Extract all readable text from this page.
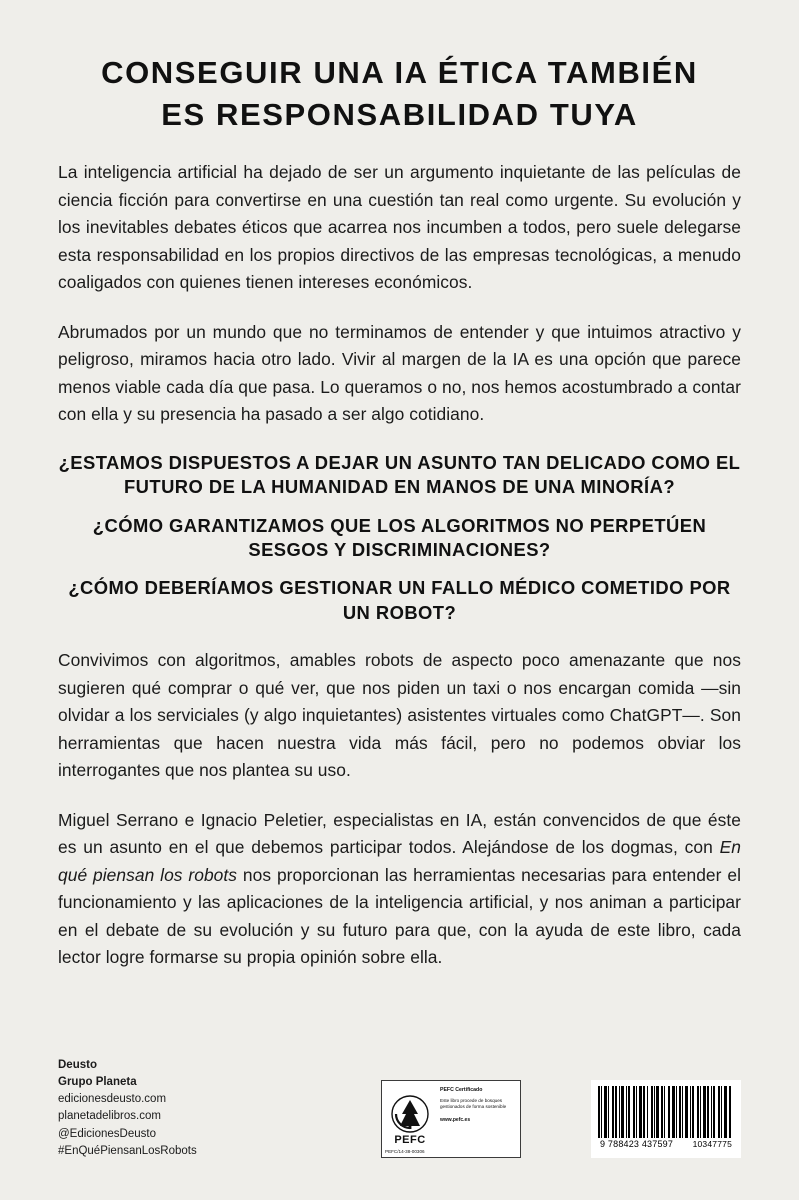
CONSEGUIR UNA IA ÉTICA TAMBIÉN
ES RESPONSABILIDAD TUYA

La inteligencia artificial ha dejado de ser un argumento inquietante de las películas de ciencia ficción para convertirse en una cuestión tan real como urgente. Su evolución y los inevitables debates éticos que acarrea nos incumben a todos, pero suele delegarse esta responsabilidad en los propios directivos de las empresas tecnológicas, a menudo coaligados con quienes tienen intereses económicos.

Abrumados por un mundo que no terminamos de entender y que intuimos atractivo y peligroso, miramos hacia otro lado. Vivir al margen de la IA es una opción que parece menos viable cada día que pasa. Lo queramos o no, nos hemos acostumbrado a contar con ella y su presencia ha pasado a ser algo cotidiano.

¿ESTAMOS DISPUESTOS A DEJAR UN ASUNTO TAN DELICADO COMO EL FUTURO DE LA HUMANIDAD EN MANOS DE UNA MINORÍA?

¿CÓMO GARANTIZAMOS QUE LOS ALGORITMOS NO PERPETÚEN SESGOS Y DISCRIMINACIONES?

¿CÓMO DEBERÍAMOS GESTIONAR UN FALLO MÉDICO COMETIDO POR UN ROBOT?

Convivimos con algoritmos, amables robots de aspecto poco amenazante que nos sugieren qué comprar o qué ver, que nos piden un taxi o nos encargan comida —sin olvidar a los serviciales (y algo inquietantes) asistentes virtuales como ChatGPT—. Son herramientas que hacen nuestra vida más fácil, pero no podemos obviar los interrogantes que nos plantea su uso.

Miguel Serrano e Ignacio Peletier, especialistas en IA, están convencidos de que éste es un asunto en el que debemos participar todos. Alejándose de los dogmas, con En qué piensan los robots nos proporcionan las herramientas necesarias para entender el funcionamiento y las aplicaciones de la inteligencia artificial, y nos animan a participar en el debate de su evolución y su futuro para que, con la ayuda de este libro, cada lector logre formarse su propia opinión sobre ella.

Deusto
Grupo Planeta
edicionesdeusto.com
planetadelibros.com
@EdicionesDeusto
#EnQuéPiensanLosRobots
PEFC
PEFC Certificado
Este libro procede de bosques gestionados de forma sostenible
www.pefc.es
PEFC/14-38-00306
9 788423 437597 10347775
